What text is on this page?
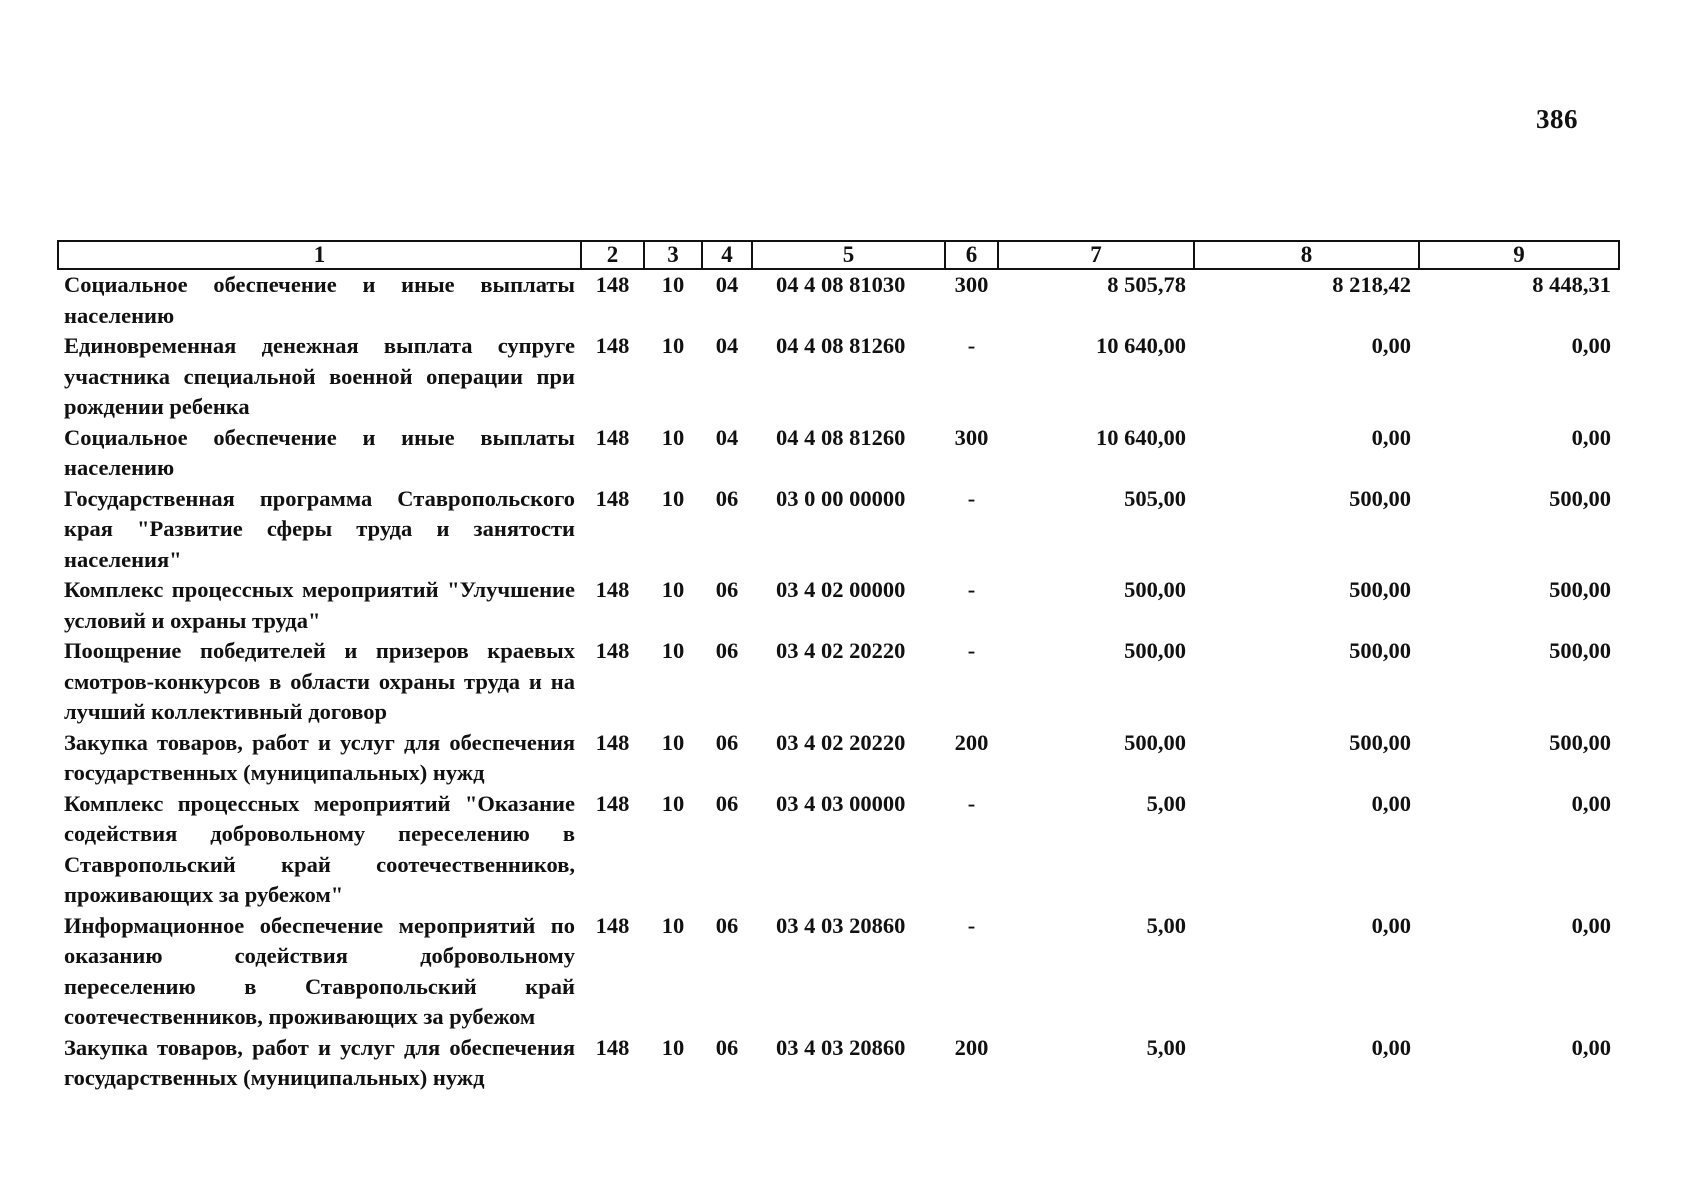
386
1	2	3	4	5	6	7	8	9
Социальное обеспечение и иные выплаты населению	148	10	04	04 4 08 81030	300	8 505,78	8 218,42	8 448,31
Единовременная денежная выплата супруге участника специальной военной операции при рождении ребенка	148	10	04	04 4 08 81260	-	10 640,00	0,00	0,00
Социальное обеспечение и иные выплаты населению	148	10	04	04 4 08 81260	300	10 640,00	0,00	0,00
Государственная программа Ставропольского края "Развитие сферы труда и занятости населения"	148	10	06	03 0 00 00000	-	505,00	500,00	500,00
Комплекс процессных мероприятий "Улучшение условий и охраны труда"	148	10	06	03 4 02 00000	-	500,00	500,00	500,00
Поощрение победителей и призеров краевых смотров-конкурсов в области охраны труда и на лучший коллективный договор	148	10	06	03 4 02 20220	-	500,00	500,00	500,00
Закупка товаров, работ и услуг для обеспечения государственных (муниципальных) нужд	148	10	06	03 4 02 20220	200	500,00	500,00	500,00
Комплекс процессных мероприятий "Оказание содействия добровольному переселению в Ставропольский край соотечественников, проживающих за рубежом"	148	10	06	03 4 03 00000	-	5,00	0,00	0,00
Информационное обеспечение мероприятий по оказанию содействия добровольному переселению в Ставропольский край соотечественников, проживающих за рубежом	148	10	06	03 4 03 20860	-	5,00	0,00	0,00
Закупка товаров, работ и услуг для обеспечения государственных (муниципальных) нужд	148	10	06	03 4 03 20860	200	5,00	0,00	0,00
